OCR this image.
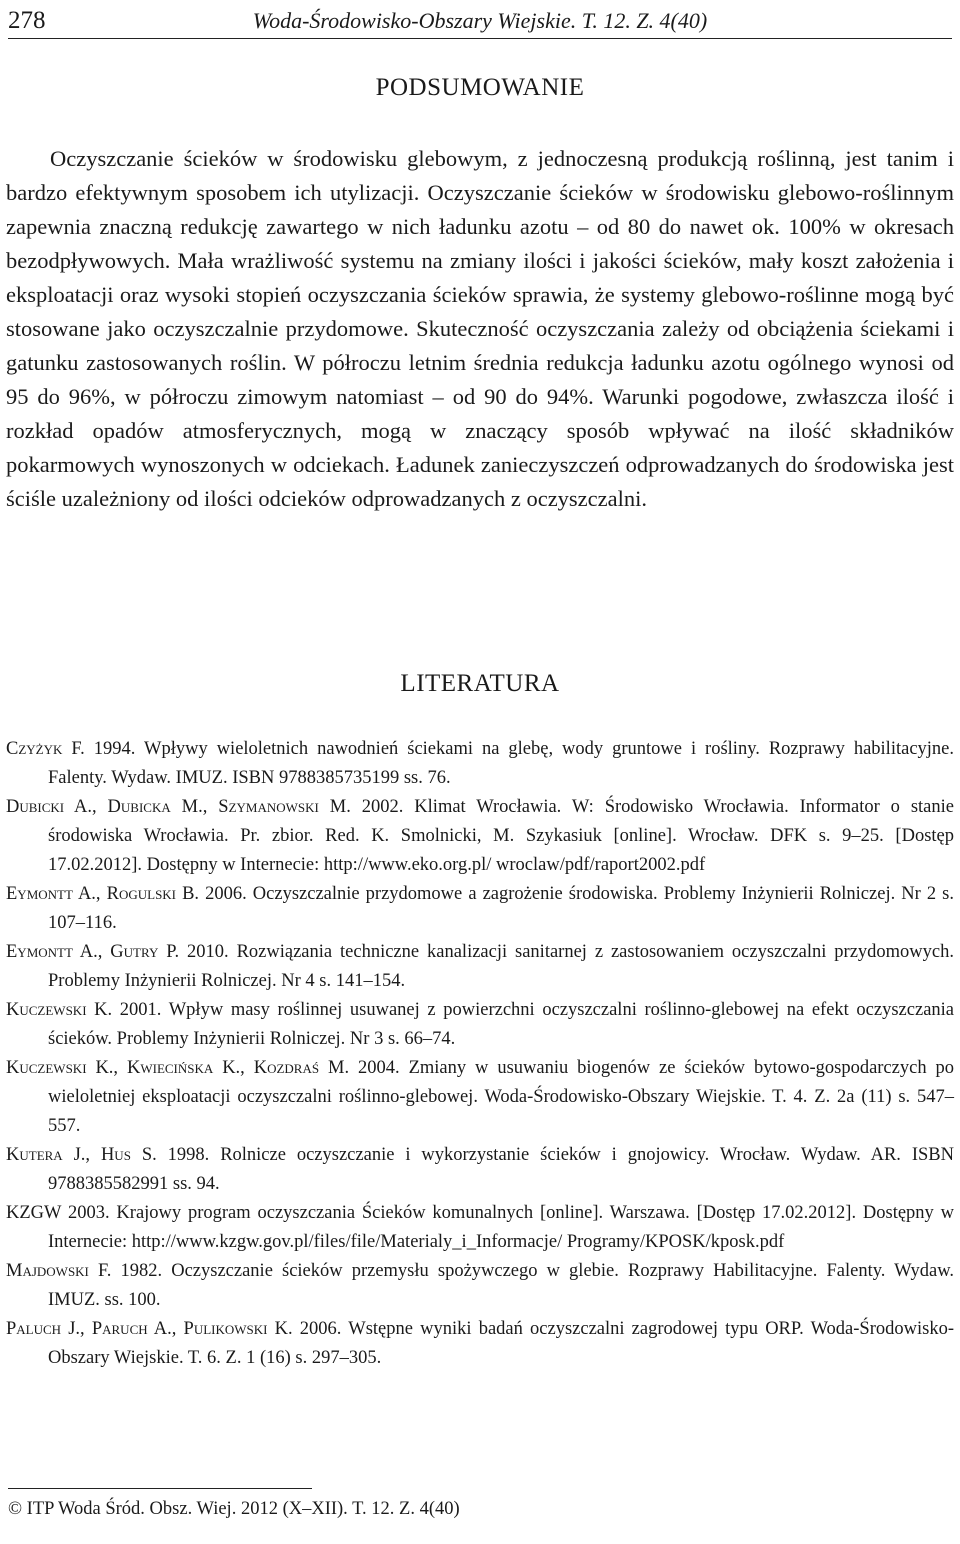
278	Woda-Środowisko-Obszary Wiejskie. T. 12. Z. 4(40)
PODSUMOWANIE

Oczyszczanie ścieków w środowisku glebowym, z jednoczesną produkcją roślinną, jest tanim i bardzo efektywnym sposobem ich utylizacji. Oczyszczanie ścieków w środowisku glebowo-roślinnym zapewnia znaczną redukcję zawartego w nich ładunku azotu – od 80 do nawet ok. 100% w okresach bezodpływowych. Mała wrażliwość systemu na zmiany ilości i jakości ścieków, mały koszt założenia i eksploatacji oraz wysoki stopień oczyszczania ścieków sprawia, że systemy glebowo-roślinne mogą być stosowane jako oczyszczalnie przydomowe. Skuteczność oczyszczania zależy od obciążenia ściekami i gatunku zastosowanych roślin. W półroczu letnim średnia redukcja ładunku azotu ogólnego wynosi od 95 do 96%, w półroczu zimowym natomiast – od 90 do 94%. Warunki pogodowe, zwłaszcza ilość i rozkład opadów atmosferycznych, mogą w znaczący sposób wpływać na ilość składników pokarmowych wynoszonych w odciekach. Ładunek zanieczyszczeń odprowadzanych do środowiska jest ściśle uzależniony od ilości odcieków odprowadzanych z oczyszczalni.

LITERATURA
Czyżyk F. 1994. Wpływy wieloletnich nawodnień ściekami na glebę, wody gruntowe i rośliny. Rozprawy habilitacyjne. Falenty. Wydaw. IMUZ. ISBN 9788385735199 ss. 76.
Dubicki A., Dubicka M., Szymanowski M. 2002. Klimat Wrocławia. W: Środowisko Wrocławia. Informator o stanie środowiska Wrocławia. Pr. zbior. Red. K. Smolnicki, M. Szykasiuk [online]. Wrocław. DFK s. 9–25. [Dostęp 17.02.2012]. Dostępny w Internecie: http://www.eko.org.pl/ wroclaw/pdf/raport2002.pdf
Eymontt A., Rogulski B. 2006. Oczyszczalnie przydomowe a zagrożenie środowiska. Problemy Inżynierii Rolniczej. Nr 2 s. 107–116.
Eymontt A., Gutry P. 2010. Rozwiązania techniczne kanalizacji sanitarnej z zastosowaniem oczyszczalni przydomowych. Problemy Inżynierii Rolniczej. Nr 4 s. 141–154.
Kuczewski K. 2001. Wpływ masy roślinnej usuwanej z powierzchni oczyszczalni roślinno-glebowej na efekt oczyszczania ścieków. Problemy Inżynierii Rolniczej. Nr 3 s. 66–74.
Kuczewski K., Kwiecińska K., Kozdraś M. 2004. Zmiany w usuwaniu biogenów ze ścieków bytowo-gospodarczych po wieloletniej eksploatacji oczyszczalni roślinno-glebowej. Woda-Środowisko-Obszary Wiejskie. T. 4. Z. 2a (11) s. 547–557.
Kutera J., Hus S. 1998. Rolnicze oczyszczanie i wykorzystanie ścieków i gnojowicy. Wrocław. Wydaw. AR. ISBN 9788385582991 ss. 94.
KZGW 2003. Krajowy program oczyszczania Ścieków komunalnych [online]. Warszawa. [Dostęp 17.02.2012]. Dostępny w Internecie: http://www.kzgw.gov.pl/files/file/Materialy_i_Informacje/ Programy/KPOSK/kposk.pdf
Majdowski F. 1982. Oczyszczanie ścieków przemysłu spożywczego w glebie. Rozprawy Habilitacyjne. Falenty. Wydaw. IMUZ. ss. 100.
Paluch J., Paruch A., Pulikowski K. 2006. Wstępne wyniki badań oczyszczalni zagrodowej typu ORP. Woda-Środowisko-Obszary Wiejskie. T. 6. Z. 1 (16) s. 297–305.
© ITP Woda Śród. Obsz. Wiej. 2012 (X–XII). T. 12. Z. 4(40)
